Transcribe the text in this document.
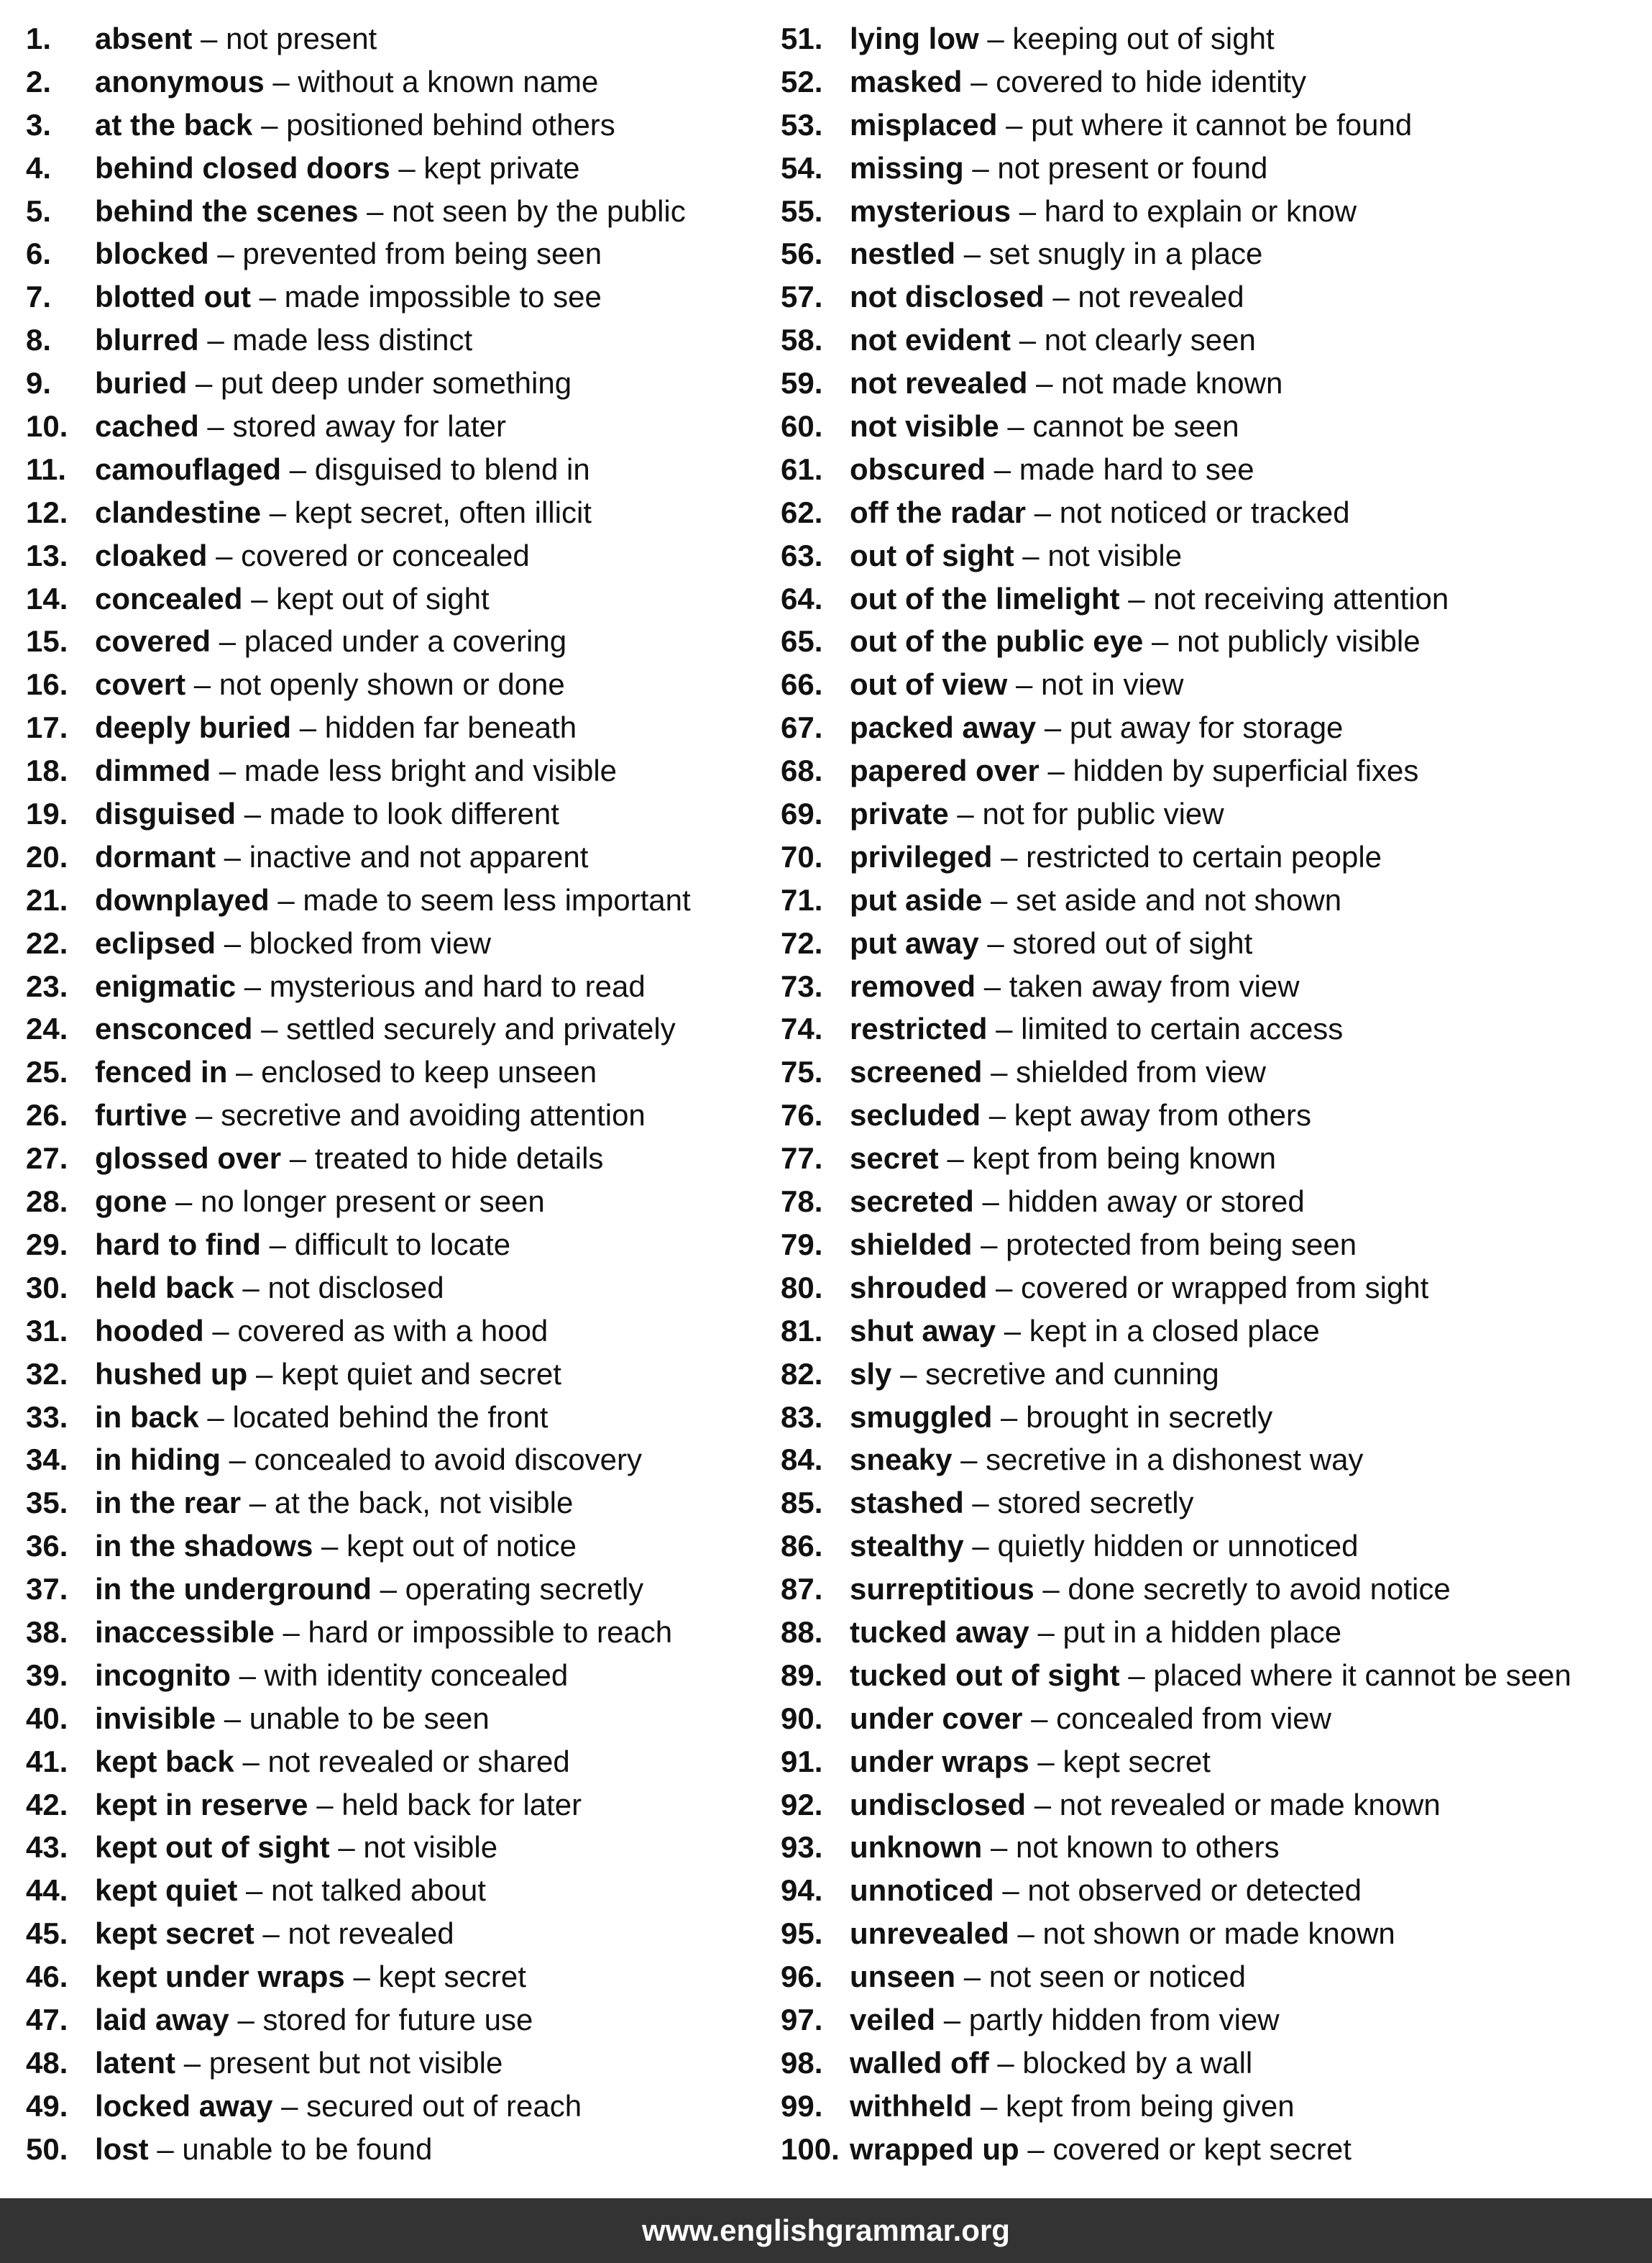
1.	absent
–
not present
2.	anonymous
–
without a known name
3.	at the back
–
positioned behind others
4.	behind closed doors
–
kept private
5.	behind the scenes
–
not seen by the public
6.	blocked
–
prevented from being seen
7.	blotted out
–
made impossible to see
8.	blurred
–
made less distinct
9.	buried
–
put deep under something
10. cached
–
stored away for later
11. camouflaged
–
disguised to blend in
12. clandestine
–
kept secret, often illicit
13. cloaked
–
covered or concealed
14. concealed
–
kept out of sight
15. covered
–
placed under a covering
16. covert
–
not openly shown or done
17. deeply buried
–
hidden far beneath
18. dimmed
–
made less bright and visible
19. disguised
–
made to look different
20. dormant
–
inactive and not apparent
21. downplayed
–
made to seem less important
22. eclipsed
–
blocked from view
23. enigmatic
–
mysterious and hard to read
24. ensconced
–
settled securely and privately
25. fenced in
–
enclosed to keep unseen
26. furtive
–
secretive and avoiding attention
27. glossed over
–
treated to hide details
28. gone
–
no longer present or seen
29. hard to find
–
difficult to locate
30. held back
–
not disclosed
31. hooded
–
covered as with a hood
32. hushed up
–
kept quiet and secret
33. in back
–
located behind the front
34. in hiding
–
concealed to avoid discovery
35. in the rear
–
at the back, not visible
36. in the shadows
–
kept out of notice
37. in the underground
–
operating secretly
38. inaccessible
–
hard or impossible to reach
39. incognito
–
with identity concealed
40. invisible
–
unable to be seen
41. kept back
–
not revealed or shared
42. kept in reserve
–
held back for later
43. kept out of sight
–
not visible
44. kept quiet
–
not talked about
45. kept secret
–
not revealed
46. kept under wraps
–
kept secret
47. laid away
–
stored for future use
48. latent
–
present but not visible
49. locked away
–
secured out of reach
50. lost
–
unable to be found
51. lying low
–
keeping out of sight
52. masked
–
covered to hide identity
53. misplaced
–
put where it cannot be found
54. missing
–
not present or found
55. mysterious
–
hard to explain or know
56. nestled
–
set snugly in a place
57. not disclosed
–
not revealed
58. not evident
–
not clearly seen
59. not revealed
–
not made known
60. not visible
–
cannot be seen
61. obscured
–
made hard to see
62. off the radar
–
not noticed or tracked
63. out of sight
–
not visible
64. out of the limelight
–
not receiving attention
65. out of the public eye
–
not publicly visible
66. out of view
–
not in view
67. packed away
–
put away for storage
68. papered over
–
hidden by superficial fixes
69. private
–
not for public view
70. privileged
–
restricted to certain people
71. put aside
–
set aside and not shown
72. put away
–
stored out of sight
73. removed
–
taken away from view
74. restricted
–
limited to certain access
75. screened
–
shielded from view
76. secluded
–
kept away from others
77. secret
–
kept from being known
78. secreted
–
hidden away or stored
79. shielded
–
protected from being seen
80. shrouded
–
covered or wrapped from sight
81. shut away
–
kept in a closed place
82. sly
–
secretive and cunning
83. smuggled
–
brought in secretly
84. sneaky
–
secretive in a dishonest way
85. stashed
–
stored secretly
86. stealthy
–
quietly hidden or unnoticed
87. surreptitious
–
done secretly to avoid notice
88. tucked away
–
put in a hidden place
89. tucked out of sight
–
placed where it cannot be seen
90. under cover
–
concealed from view
91. under wraps
–
kept secret
92. undisclosed
–
not revealed or made known
93. unknown
–
not known to others
94. unnoticed
–
not observed or detected
95. unrevealed
–
not shown or made known
96. unseen
–
not seen or noticed
97. veiled
–
partly hidden from view
98. walled off
–
blocked by a wall
99. withheld
–
kept from being given
100. wrapped up
–
covered or kept secret
www.englishgrammar.org
